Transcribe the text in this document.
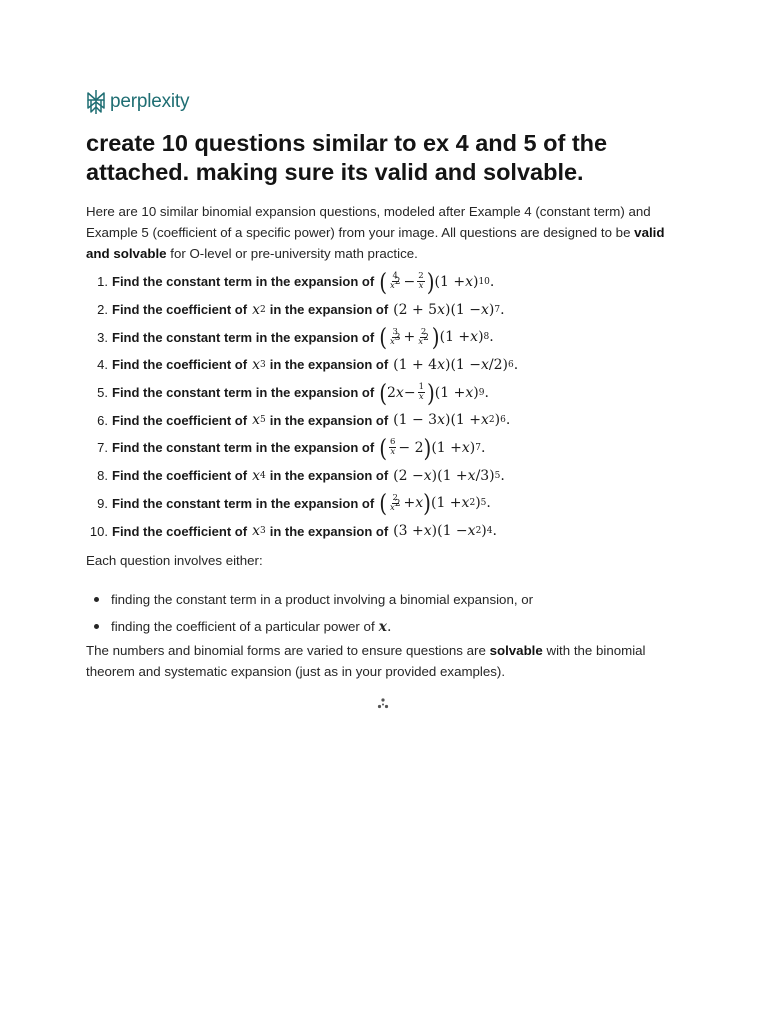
perplexity
create 10 questions similar to ex 4 and 5 of the attached. making sure its valid and solvable.

Here are 10 similar binomial expansion questions, modeled after Example 4 (constant term) and Example 5 (coefficient of a specific power) from your image. All questions are designed to be valid and solvable for O-level or pre-university math practice.

1. Find the constant term in the expansion of ( $\frac{4}{x^2} - \frac{2}{x}$ ) (1 + x ) 10 .
2. Find the coefficient of x 2 in the expansion of (2 + 5 x )(1 − x ) 7 .
3. Find the constant term in the expansion of ( $\frac{3}{x^3} + \frac{2}{x^2}$ ) (1 + x ) 8 .
4. Find the coefficient of x 3 in the expansion of (1 + 4 x )(1 − x /2) 6 .
5. Find the constant term in the expansion of ( 2 $x - \frac{1}{x}$ ) (1 + x ) 9 .
6. Find the coefficient of x 5 in the expansion of (1 − 3 x )(1 + x 2 ) 6 .
7. Find the constant term in the expansion of ( $\frac{6}{x} - 2$ ) (1 + x ) 7 .
8. Find the coefficient of x 4 in the expansion of (2 − x )(1 + x /3) 5 .
9. Find the constant term in the expansion of ( $\frac{2}{x^2} + x$ ) (1 + x 2 ) 5 .
10. Find the coefficient of x 3 in the expansion of (3 + x )(1 − x 2 ) 4 .

Each question involves either:

finding the constant term in a product involving a binomial expansion, or
finding the coefficient of a particular power of x .

The numbers and binomial forms are varied to ensure questions are solvable with the binomial theorem and systematic expansion (just as in your provided examples).
